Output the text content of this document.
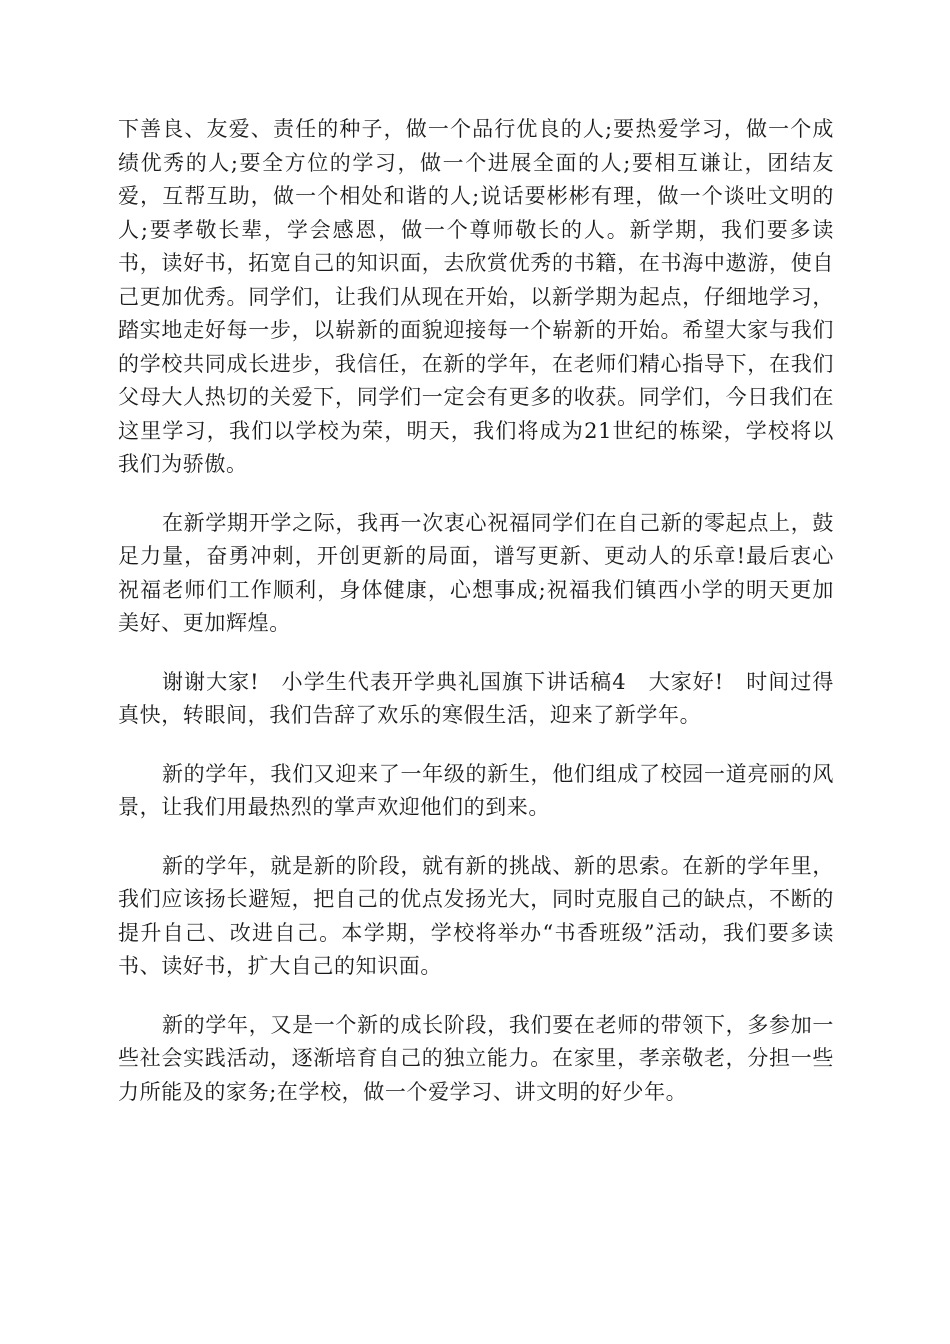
下善良、友爱、责任的种子，做一个品行优良的人;要热爱学习，做一个成绩优秀的人;要全方位的学习，做一个进展全面的人;要相互谦让，团结友爱，互帮互助，做一个相处和谐的人;说话要彬彬有理，做一个谈吐文明的人;要孝敬长辈，学会感恩，做一个尊师敬长的人。新学期，我们要多读书，读好书，拓宽自己的知识面，去欣赏优秀的书籍，在书海中遨游，使自己更加优秀。同学们，让我们从现在开始，以新学期为起点，仔细地学习，踏实地走好每一步，以崭新的面貌迎接每一个崭新的开始。希望大家与我们的学校共同成长进步，我信任，在新的学年，在老师们精心指导下，在我们父母大人热切的关爱下，同学们一定会有更多的收获。同学们，今日我们在这里学习，我们以学校为荣，明天，我们将成为21世纪的栋梁，学校将以我们为骄傲。

在新学期开学之际，我再一次衷心祝福同学们在自己新的零起点上，鼓足力量，奋勇冲刺，开创更新的局面，谱写更新、更动人的乐章!最后衷心祝福老师们工作顺利，身体健康，心想事成;祝福我们镇西小学的明天更加美好、更加辉煌。

谢谢大家!　小学生代表开学典礼国旗下讲话稿4　大家好!　时间过得真快，转眼间，我们告辞了欢乐的寒假生活，迎来了新学年。

新的学年，我们又迎来了一年级的新生，他们组成了校园一道亮丽的风景，让我们用最热烈的掌声欢迎他们的到来。

新的学年，就是新的阶段，就有新的挑战、新的思索。在新的学年里，我们应该扬长避短，把自己的优点发扬光大，同时克服自己的缺点，不断的提升自己、改进自己。本学期，学校将举办“书香班级”活动，我们要多读书、读好书，扩大自己的知识面。

新的学年，又是一个新的成长阶段，我们要在老师的带领下，多参加一些社会实践活动，逐渐培育自己的独立能力。在家里，孝亲敬老，分担一些力所能及的家务;在学校，做一个爱学习、讲文明的好少年。
